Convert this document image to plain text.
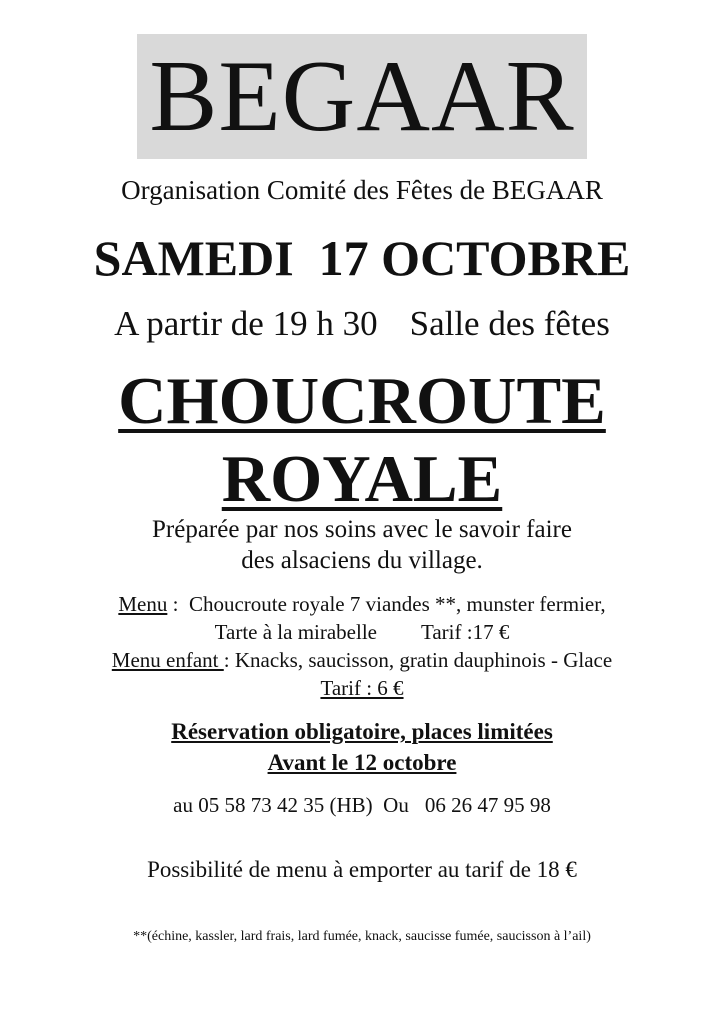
BEGAAR
Organisation Comité des Fêtes de BEGAAR
SAMEDI  17 OCTOBRE
A partir de 19 h 30 Salle des fêtes
CHOUCROUTE
ROYALE
Préparée par nos soins avec le savoir faire
des alsaciens du village.
Menu :  Choucroute royale 7 viandes **, munster fermier,
Tarte à la mirabelle Tarif :17 €
Menu enfant : Knacks, saucisson, gratin dauphinois - Glace
Tarif : 6 €
Réservation obligatoire, places limitées
Avant le 12 octobre
au 05 58 73 42 35 (HB)  Ou 06 26 47 95 98
Possibilité de menu à emporter au tarif de 18 €
**(échine, kassler, lard frais, lard fumée, knack, saucisse fumée, saucisson à l’ail)
